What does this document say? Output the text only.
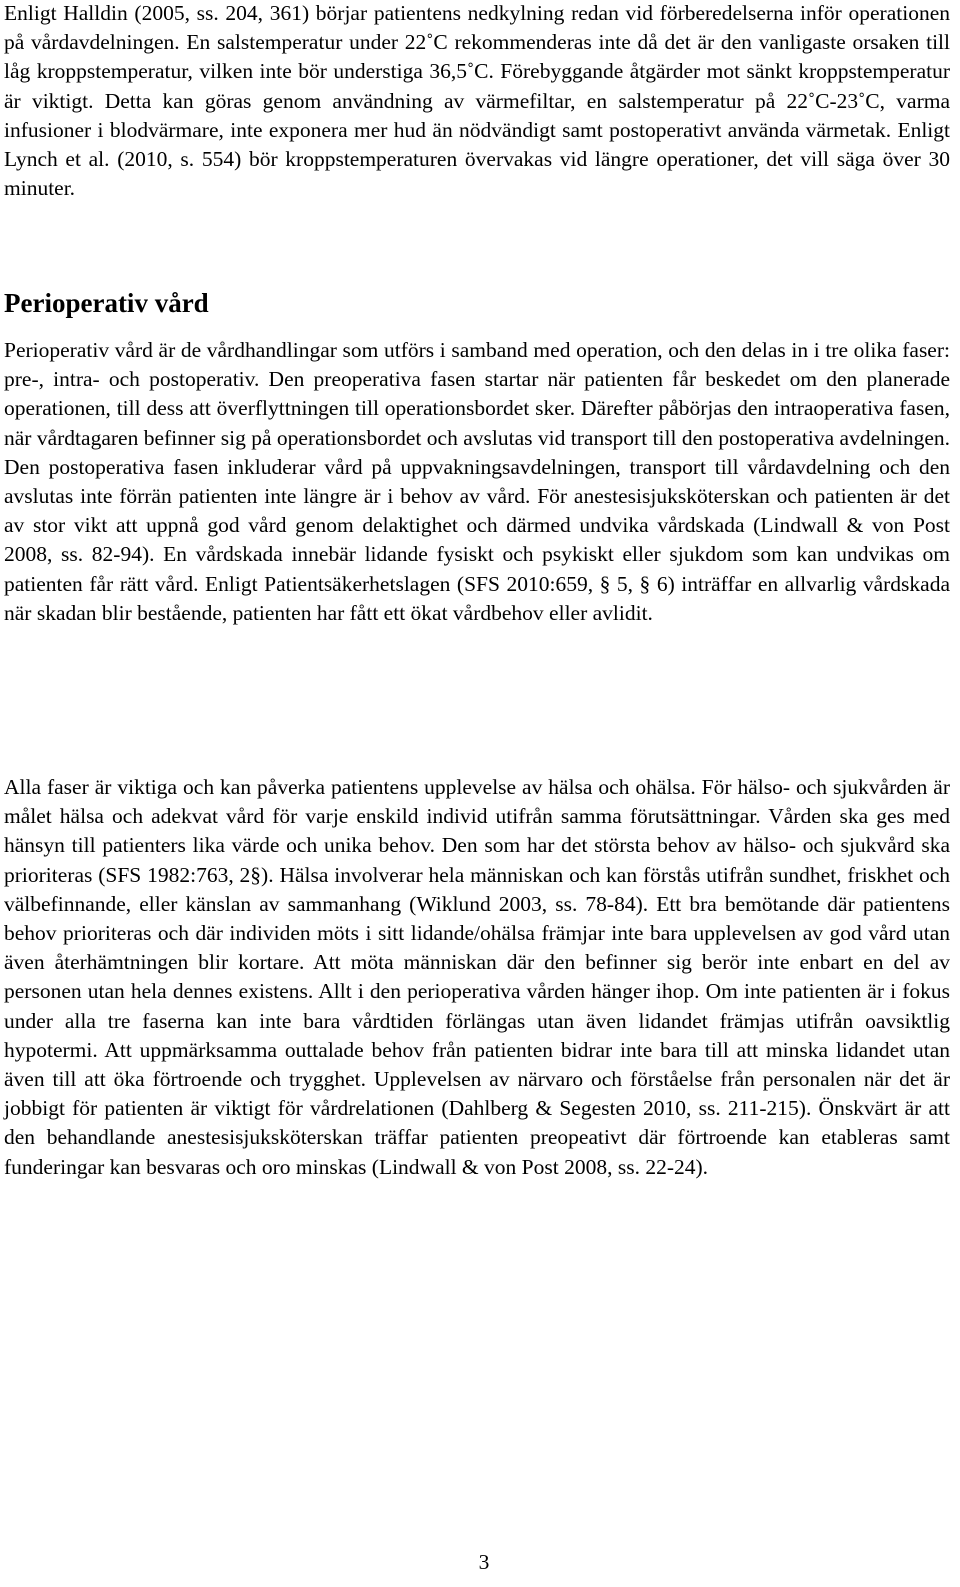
Enligt Halldin (2005, ss. 204, 361) börjar patientens nedkylning redan vid förberedelserna inför operationen på vårdavdelningen. En salstemperatur under 22˚C rekommenderas inte då det är den vanligaste orsaken till låg kroppstemperatur, vilken inte bör understiga 36,5˚C. Förebyggande åtgärder mot sänkt kroppstemperatur är viktigt. Detta kan göras genom användning av värmefiltar, en salstemperatur på 22˚C-23˚C, varma infusioner i blodvärmare, inte exponera mer hud än nödvändigt samt postoperativt använda värmetak. Enligt Lynch et al. (2010, s. 554) bör kroppstemperaturen övervakas vid längre operationer, det vill säga över 30 minuter.

Perioperativ vård

Perioperativ vård är de vårdhandlingar som utförs i samband med operation, och den delas in i tre olika faser: pre-, intra- och postoperativ. Den preoperativa fasen startar när patienten får beskedet om den planerade operationen, till dess att överflyttningen till operationsbordet sker. Därefter påbörjas den intraoperativa fasen, när vårdtagaren befinner sig på operationsbordet och avslutas vid transport till den postoperativa avdelningen. Den postoperativa fasen inkluderar vård på uppvakningsavdelningen, transport till vårdavdelning och den avslutas inte förrän patienten inte längre är i behov av vård. För anestesisjuksköterskan och patienten är det av stor vikt att uppnå god vård genom delaktighet och därmed undvika vårdskada (Lindwall & von Post 2008, ss. 82-94). En vårdskada innebär lidande fysiskt och psykiskt eller sjukdom som kan undvikas om patienten får rätt vård. Enligt Patientsäkerhetslagen (SFS 2010:659, § 5, § 6) inträffar en allvarlig vårdskada när skadan blir bestående, patienten har fått ett ökat vårdbehov eller avlidit.

Alla faser är viktiga och kan påverka patientens upplevelse av hälsa och ohälsa. För hälso- och sjukvården är målet hälsa och adekvat vård för varje enskild individ utifrån samma förutsättningar. Vården ska ges med hänsyn till patienters lika värde och unika behov. Den som har det största behov av hälso- och sjukvård ska prioriteras (SFS 1982:763, 2§). Hälsa involverar hela människan och kan förstås utifrån sundhet, friskhet och välbefinnande, eller känslan av sammanhang (Wiklund 2003, ss. 78-84). Ett bra bemötande där patientens behov prioriteras och där individen möts i sitt lidande/ohälsa främjar inte bara upplevelsen av god vård utan även återhämtningen blir kortare. Att möta människan där den befinner sig berör inte enbart en del av personen utan hela dennes existens. Allt i den perioperativa vården hänger ihop. Om inte patienten är i fokus under alla tre faserna kan inte bara vårdtiden förlängas utan även lidandet främjas utifrån oavsiktlig hypotermi. Att uppmärksamma outtalade behov från patienten bidrar inte bara till att minska lidandet utan även till att öka förtroende och trygghet. Upplevelsen av närvaro och förståelse från personalen när det är jobbigt för patienten är viktigt för vårdrelationen (Dahlberg & Segesten 2010, ss. 211-215). Önskvärt är att den behandlande anestesisjuksköterskan träffar patienten preopeativt där förtroende kan etableras samt funderingar kan besvaras och oro minskas (Lindwall & von Post 2008, ss. 22-24).

3
